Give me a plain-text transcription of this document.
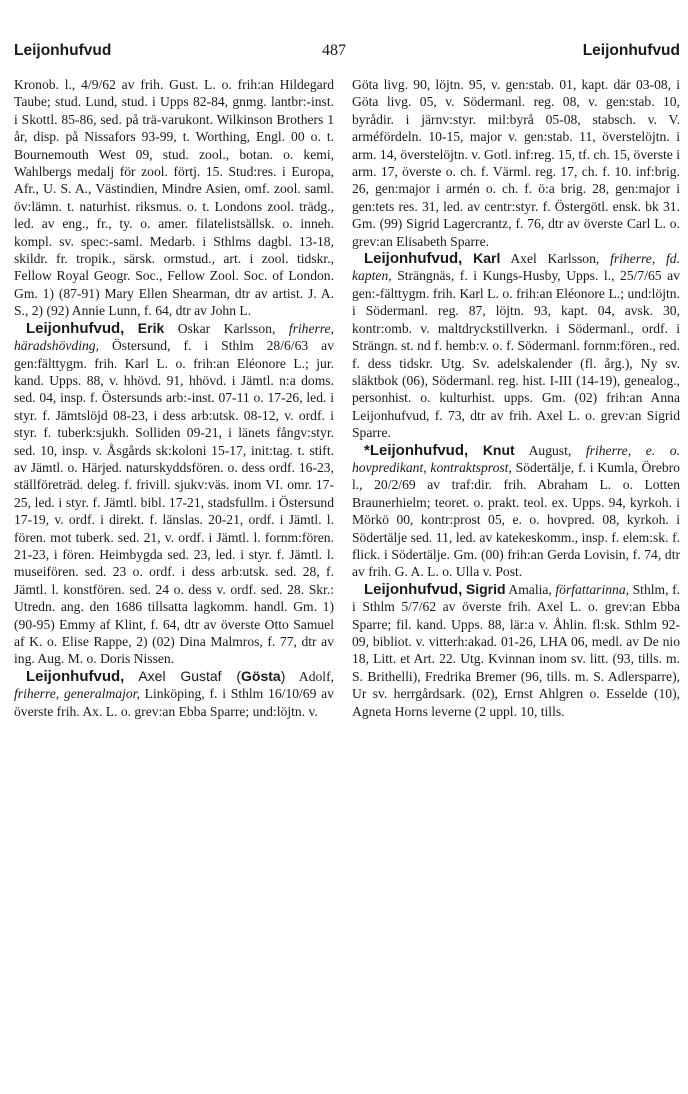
Leijonhufvud	487	Leijonhufvud

Kronob. l., 4/9/62 av frih. Gust. L. o. frih:an Hildegard Taube; stud. Lund, stud. i Upps 82-84, gnmg. lantbr:-inst. i Skottl. 85-86, sed. på trä-varukont. Wilkinson Brothers 1 år, disp. på Nissafors 93-99, t. Worthing, Engl. 00 o. t. Bournemouth West 09, stud. zool., botan. o. kemi, Wahlbergs medalj för zool. förtj. 15. Stud:res. i Europa, Afr., U. S. A., Västindien, Mindre Asien, omf. zool. saml. öv:lämn. t. naturhist. riksmus. o. t. Londons zool. trädg., led. av eng., fr., ty. o. amer. filatelistsällsk. o. inneh. kompl. sv. spec:-saml. Medarb. i Sthlms dagbl. 13-18, skildr. fr. tropik., särsk. ormstud., art. i zool. tidskr., Fellow Royal Geogr. Soc., Fellow Zool. Soc. of London. Gm. 1) (87-91) Mary Ellen Shearman, dtr av artist. J. A. S., 2) (92) Annie Lunn, f. 64, dtr av John L.

Leijonhufvud, Erik Oskar Karlsson, friherre, häradshövding, Östersund, f. i Sthlm 28/6/63 av gen:fälttygm. frih. Karl L. o. frih:an Eléonore L.; jur. kand. Upps. 88, v. hhövd. 91, hhövd. i Jämtl. n:a doms. sed. 04, insp. f. Östersunds arb:-inst. 07-11 o. 17-26, led. i styr. f. Jämtslöjd 08-23, i dess arb:utsk. 08-12, v. ordf. i styr. f. tuberk:sjukh. Solliden 09-21, i länets fångv:styr. sed. 10, insp. v. Åsgårds sk:koloni 15-17, init:tag. t. stift. av Jämtl. o. Härjed. naturskyddsfören. o. dess ordf. 16-23, ställföreträd. deleg. f. frivill. sjukv:väs. inom VI. omr. 17-25, led. i styr. f. Jämtl. bibl. 17-21, stadsfullm. i Östersund 17-19, v. ordf. i direkt. f. länslas. 20-21, ordf. i Jämtl. l. fören. mot tuberk. sed. 21, v. ordf. i Jämtl. l. fornm:fören. 21-23, i fören. Heimbygda sed. 23, led. i styr. f. Jämtl. l. museifören. sed. 23 o. ordf. i dess arb:utsk. sed. 28, f. Jämtl. l. konstfören. sed. 24 o. dess v. ordf. sed. 28. Skr.: Utredn. ang. den 1686 tillsatta lagkomm. handl. Gm. 1) (90-95) Emmy af Klint, f. 64, dtr av överste Otto Samuel af K. o. Elise Rappe, 2) (02) Dina Malmros, f. 77, dtr av ing. Aug. M. o. Doris Nissen.

Leijonhufvud, Axel Gustaf (Gösta) Adolf, friherre, generalmajor, Linköping, f. i Sthlm 16/10/69 av överste frih. Ax. L. o. grev:an Ebba Sparre; und:löjtn. v.

Göta livg. 90, löjtn. 95, v. gen:stab. 01, kapt. där 03-08, i Göta livg. 05, v. Södermanl. reg. 08, v. gen:stab. 10, byrådir. i järnv:styr. mil:byrå 05-08, stabsch. v. V. arméfördeln. 10-15, major v. gen:stab. 11, överstelöjtn. i arm. 14, överstelöjtn. v. Gotl. inf:reg. 15, tf. ch. 15, överste i arm. 17, överste o. ch. f. Värml. reg. 17, ch. f. 10. inf:brig. 26, gen:major i armén o. ch. f. ö:a brig. 28, gen:major i gen:tets res. 31, led. av centr:styr. f. Östergötl. ensk. bk 31. Gm. (99) Sigrid Lagercrantz, f. 76, dtr av överste Carl L. o. grev:an Elisabeth Sparre.

Leijonhufvud, Karl Axel Karlsson, friherre, fd. kapten, Strängnäs, f. i Kungs-Husby, Upps. l., 25/7/65 av gen:-fälttygm. frih. Karl L. o. frih:an Eléonore L.; und:löjtn. i Södermanl. reg. 87, löjtn. 93, kapt. 04, avsk. 30, kontr:omb. v. maltdryckstillverkn. i Södermanl., ordf. i Strängn. st. nd f. hemb:v. o. f. Södermanl. fornm:fören., red. f. dess tidskr. Utg. Sv. adelskalender (fl. årg.), Ny sv. släktbok (06), Södermanl. reg. hist. I-III (14-19), genealog., personhist. o. kulturhist. upps. Gm. (02) frih:an Anna Leijonhufvud, f. 73, dtr av frih. Axel L. o. grev:an Sigrid Sparre.

*Leijonhufvud, Knut August, friherre, e. o. hovpredikant, kontraktsprost, Södertälje, f. i Kumla, Örebro l., 20/2/69 av traf:dir. frih. Abraham L. o. Lotten Braunerhielm; teoret. o. prakt. teol. ex. Upps. 94, kyrkoh. i Mörkö 00, kontr:prost 05, e. o. hovpred. 08, kyrkoh. i Södertälje sed. 11, led. av katekeskomm., insp. f. elem:sk. f. flick. i Södertälje. Gm. (00) frih:an Gerda Lovisin, f. 74, dtr av frih. G. A. L. o. Ulla v. Post.

Leijonhufvud, Sigrid Amalia, författarinna, Sthlm, f. i Sthlm 5/7/62 av överste frih. Axel L. o. grev:an Ebba Sparre; fil. kand. Upps. 88, lär:a v. Åhlin. fl:sk. Sthlm 92-09, bibliot. v. vitterh:akad. 01-26, LHA 06, medl. av De nio 18, Litt. et Art. 22. Utg. Kvinnan inom sv. litt. (93, tills. m. S. Brithelli), Fredrika Bremer (96, tills. m. S. Adlersparre), Ur sv. herrgårdsark. (02), Ernst Ahlgren o. Esselde (10), Agneta Horns leverne (2 uppl. 10, tills.
